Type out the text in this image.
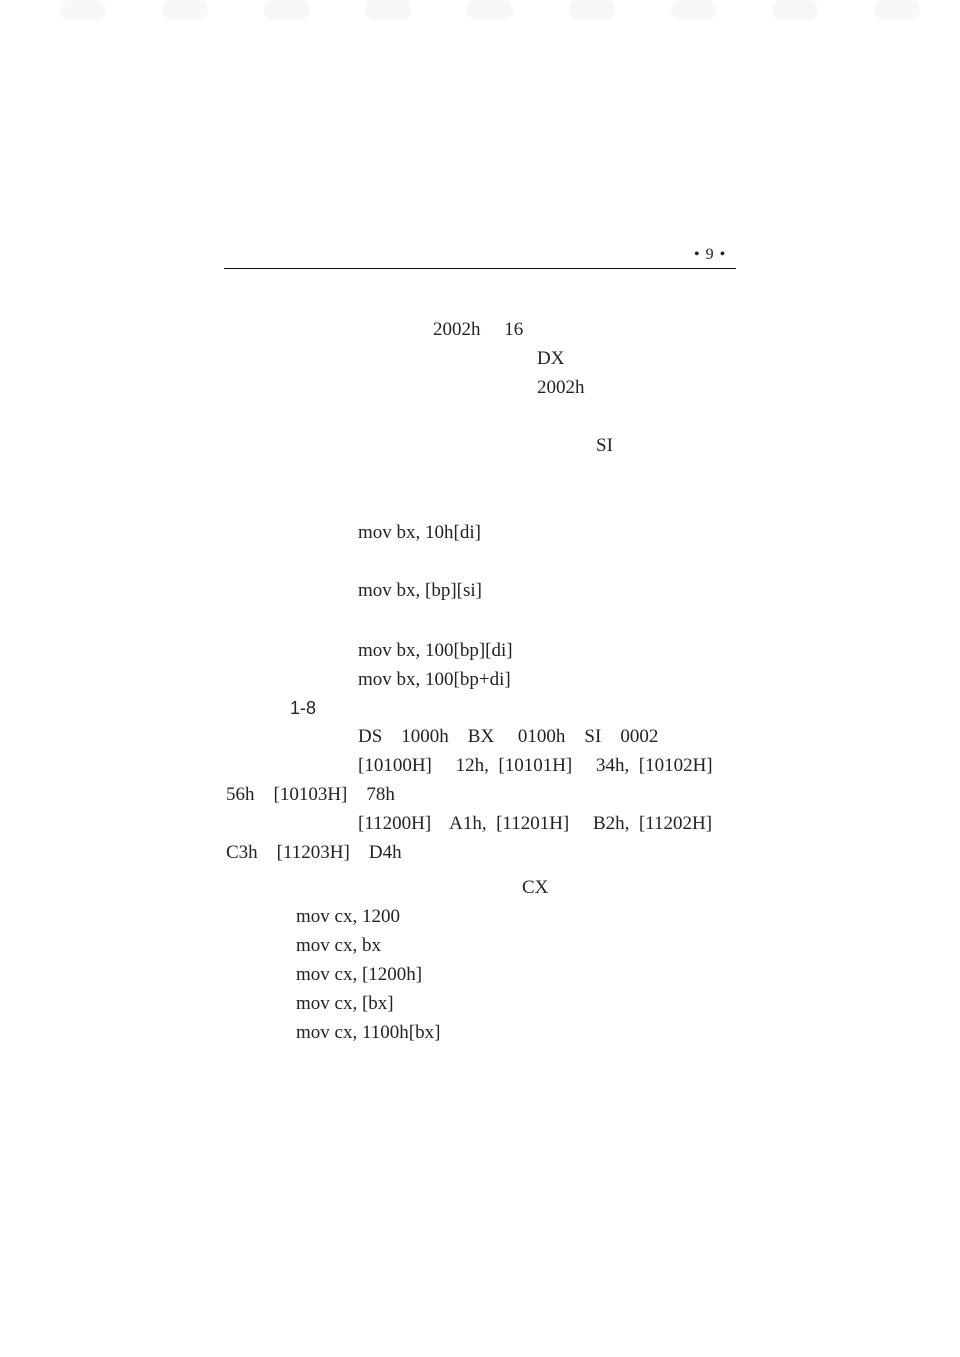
• 9 •
2002h     16
DX
2002h
SI
mov bx, 10h[di]
mov bx, [bp][si]
mov bx, 100[bp][di]
mov bx, 100[bp+di]
1-8
DS    1000h    BX     0100h    SI    0002
[10100H]     12h,  [10101H]     34h,  [10102H]
56h    [10103H]    78h
[11200H]    A1h,  [11201H]     B2h,  [11202H]
C3h    [11203H]    D4h
CX
mov cx, 1200
mov cx, bx
mov cx, [1200h]
mov cx, [bx]
mov cx, 1100h[bx]
